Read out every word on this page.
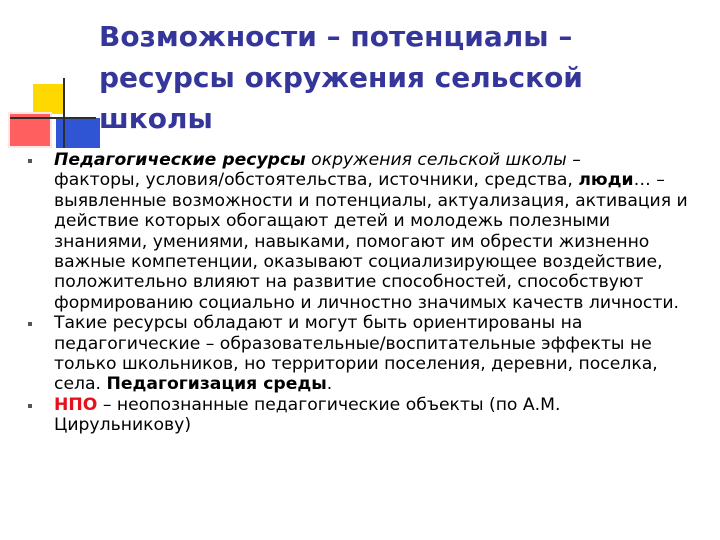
Возможности – потенциалы –
ресурсы окружения сельской
школы
Педагогические ресурсы окружения сельской школы –
факторы, условия/обстоятельства, источники, средства, люди… – выявленные возможности и потенциалы, актуализация, активация и действие которых обогащают детей и молодежь полезными знаниями, умениями, навыками, помогают им обрести жизненно важные компетенции, оказывают социализирующее воздействие, положительно влияют на развитие способностей, способствуют формированию социально и личностно значимых качеств личности.
Такие ресурсы обладают и могут быть ориентированы на педагогические – образовательные/воспитательные эффекты не только школьников, но территории поселения, деревни, поселка, села. Педагогизация среды.
НПО – неопознанные педагогические объекты (по А.М. Цирульникову)
